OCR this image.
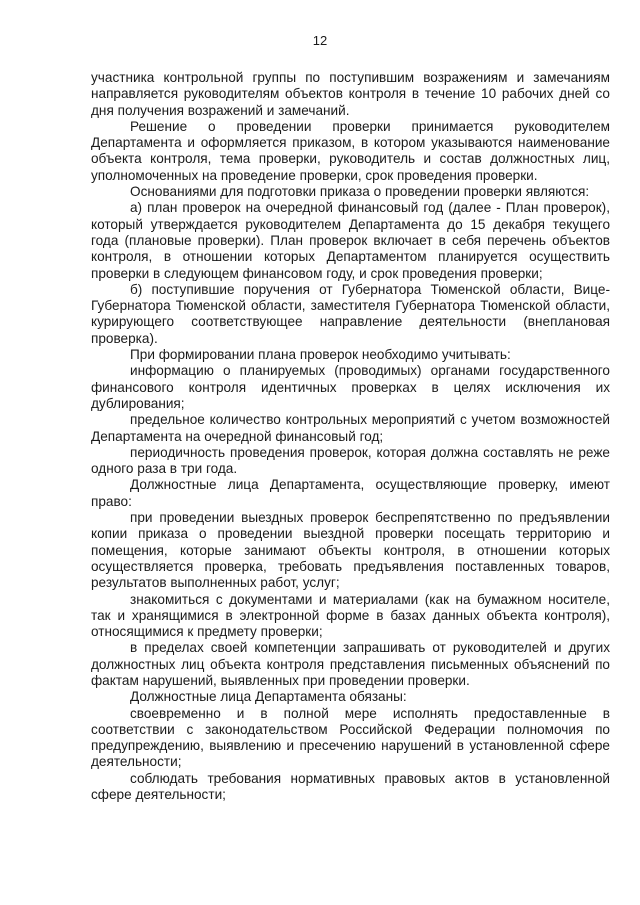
12

участника контрольной группы по поступившим возражениям и замечаниям направляется руководителям объектов контроля в течение 10 рабочих дней со дня получения возражений и замечаний.

Решение о проведении проверки принимается руководителем Департамента и оформляется приказом, в котором указываются наименование объекта контроля, тема проверки, руководитель и состав должностных лиц, уполномоченных на проведение проверки, срок проведения проверки.

Основаниями для подготовки приказа о проведении проверки являются:

а) план проверок на очередной финансовый год (далее - План проверок), который утверждается руководителем Департамента до 15 декабря текущего года (плановые проверки). План проверок включает в себя перечень объектов контроля, в отношении которых Департаментом планируется осуществить проверки в следующем финансовом году, и срок проведения проверки;

б) поступившие поручения от Губернатора Тюменской области, Вице-Губернатора Тюменской области, заместителя Губернатора Тюменской области, курирующего соответствующее направление деятельности (внеплановая проверка).

При формировании плана проверок необходимо учитывать:

информацию о планируемых (проводимых) органами государственного финансового контроля идентичных проверках в целях исключения их дублирования;

предельное количество контрольных мероприятий с учетом возможностей Департамента на очередной финансовый год;

периодичность проведения проверок, которая должна составлять не реже одного раза в три года.

Должностные лица Департамента, осуществляющие проверку, имеют право:

при проведении выездных проверок беспрепятственно по предъявлении копии приказа о проведении выездной проверки посещать территорию и помещения, которые занимают объекты контроля, в отношении которых осуществляется проверка, требовать предъявления поставленных товаров, результатов выполненных работ, услуг;

знакомиться с документами и материалами (как на бумажном носителе, так и хранящимися в электронной форме в базах данных объекта контроля), относящимися к предмету проверки;

в пределах своей компетенции запрашивать от руководителей и других должностных лиц объекта контроля представления письменных объяснений по фактам нарушений, выявленных при проведении проверки.

Должностные лица Департамента обязаны:

своевременно и в полной мере исполнять предоставленные в соответствии с законодательством Российской Федерации полномочия по предупреждению, выявлению и пресечению нарушений в установленной сфере деятельности;

соблюдать требования нормативных правовых актов в установленной сфере деятельности;
